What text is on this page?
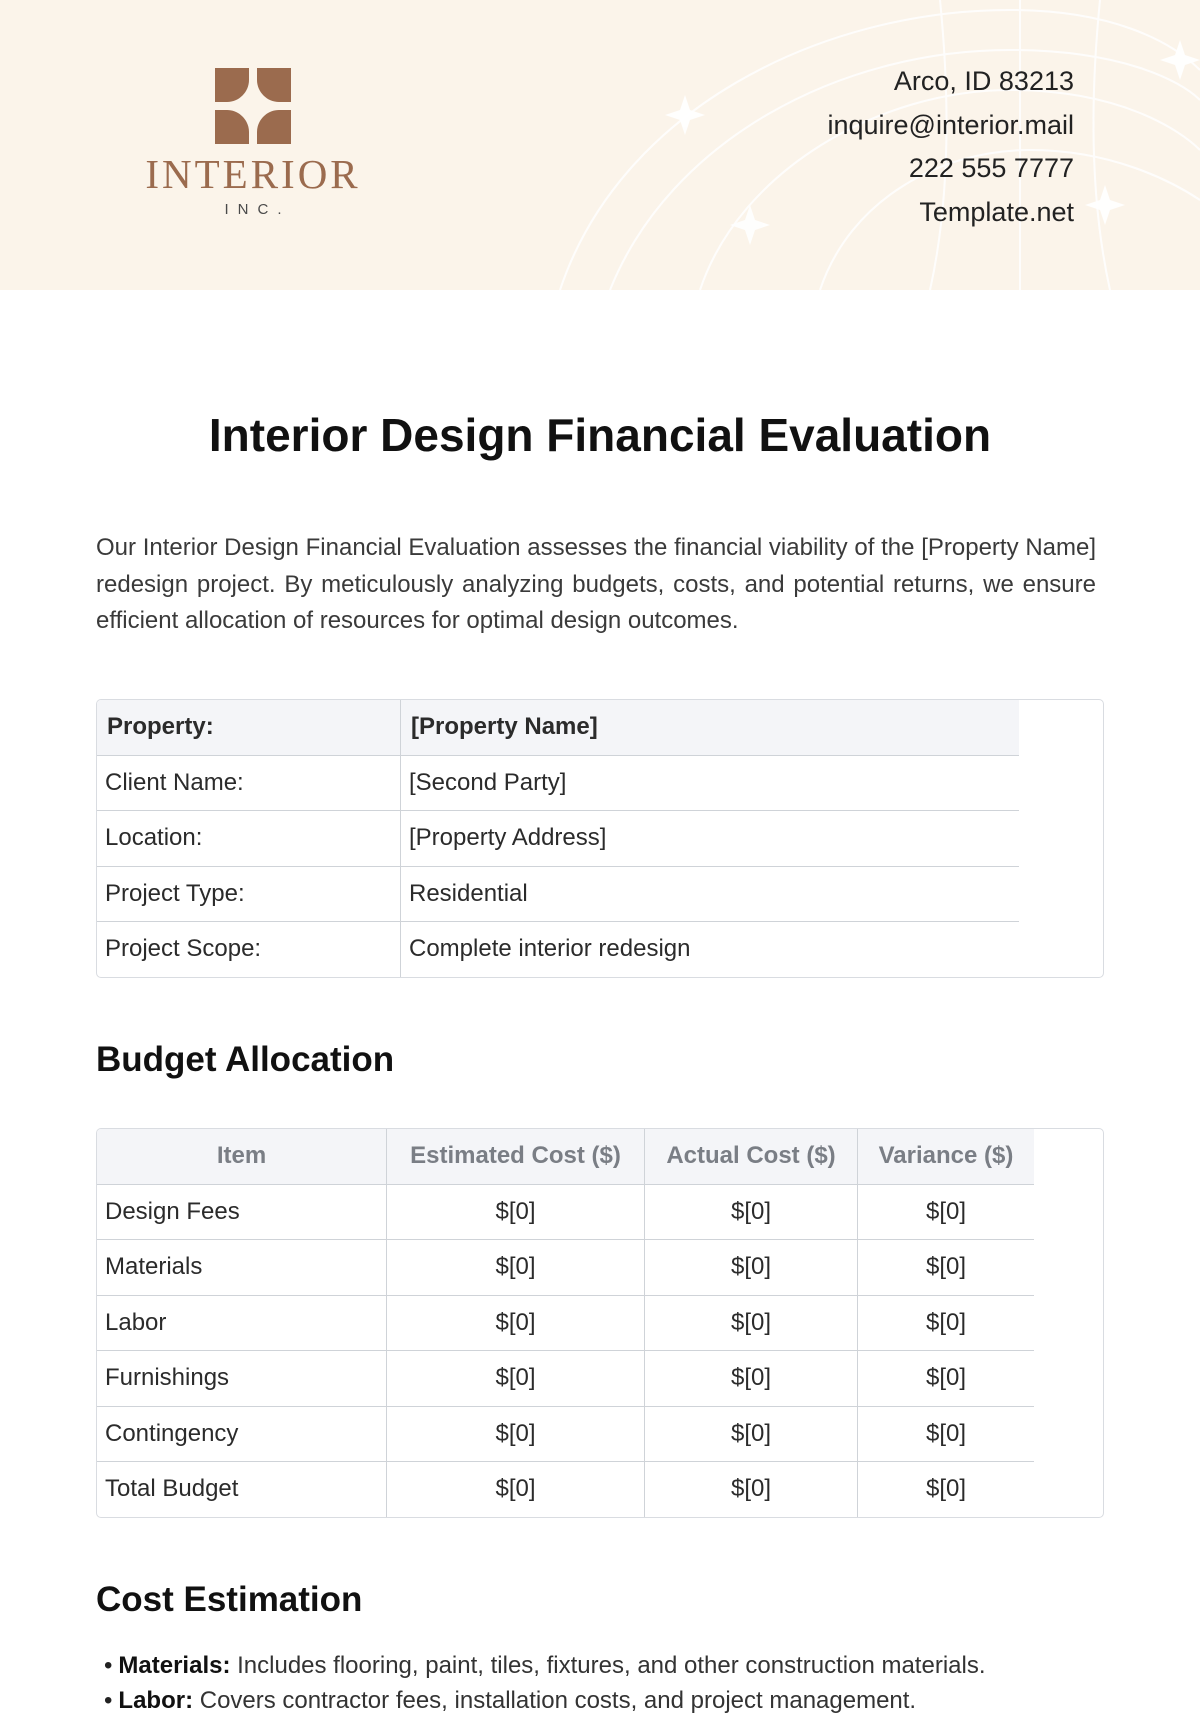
INTERIOR
INC.
Arco, ID 83213
inquire@interior.mail
222 555 7777
Template.net
Interior Design Financial Evaluation

Our Interior Design Financial Evaluation assesses the financial viability of the [Property Name] redesign project. By meticulously analyzing budgets, costs, and potential returns, we ensure efficient allocation of resources for optimal design outcomes.

Property:	[Property Name]
Client Name:	[Second Party]
Location:	[Property Address]
Project Type:	Residential
Project Scope:	Complete interior redesign
Budget Allocation
Item	Estimated Cost ($)	Actual Cost ($)	Variance ($)
Design Fees	$[0]	$[0]	$[0]
Materials	$[0]	$[0]	$[0]
Labor	$[0]	$[0]	$[0]
Furnishings	$[0]	$[0]	$[0]
Contingency	$[0]	$[0]	$[0]
Total Budget	$[0]	$[0]	$[0]
Cost Estimation
• Materials: Includes flooring, paint, tiles, fixtures, and other construction materials.
• Labor: Covers contractor fees, installation costs, and project management.
